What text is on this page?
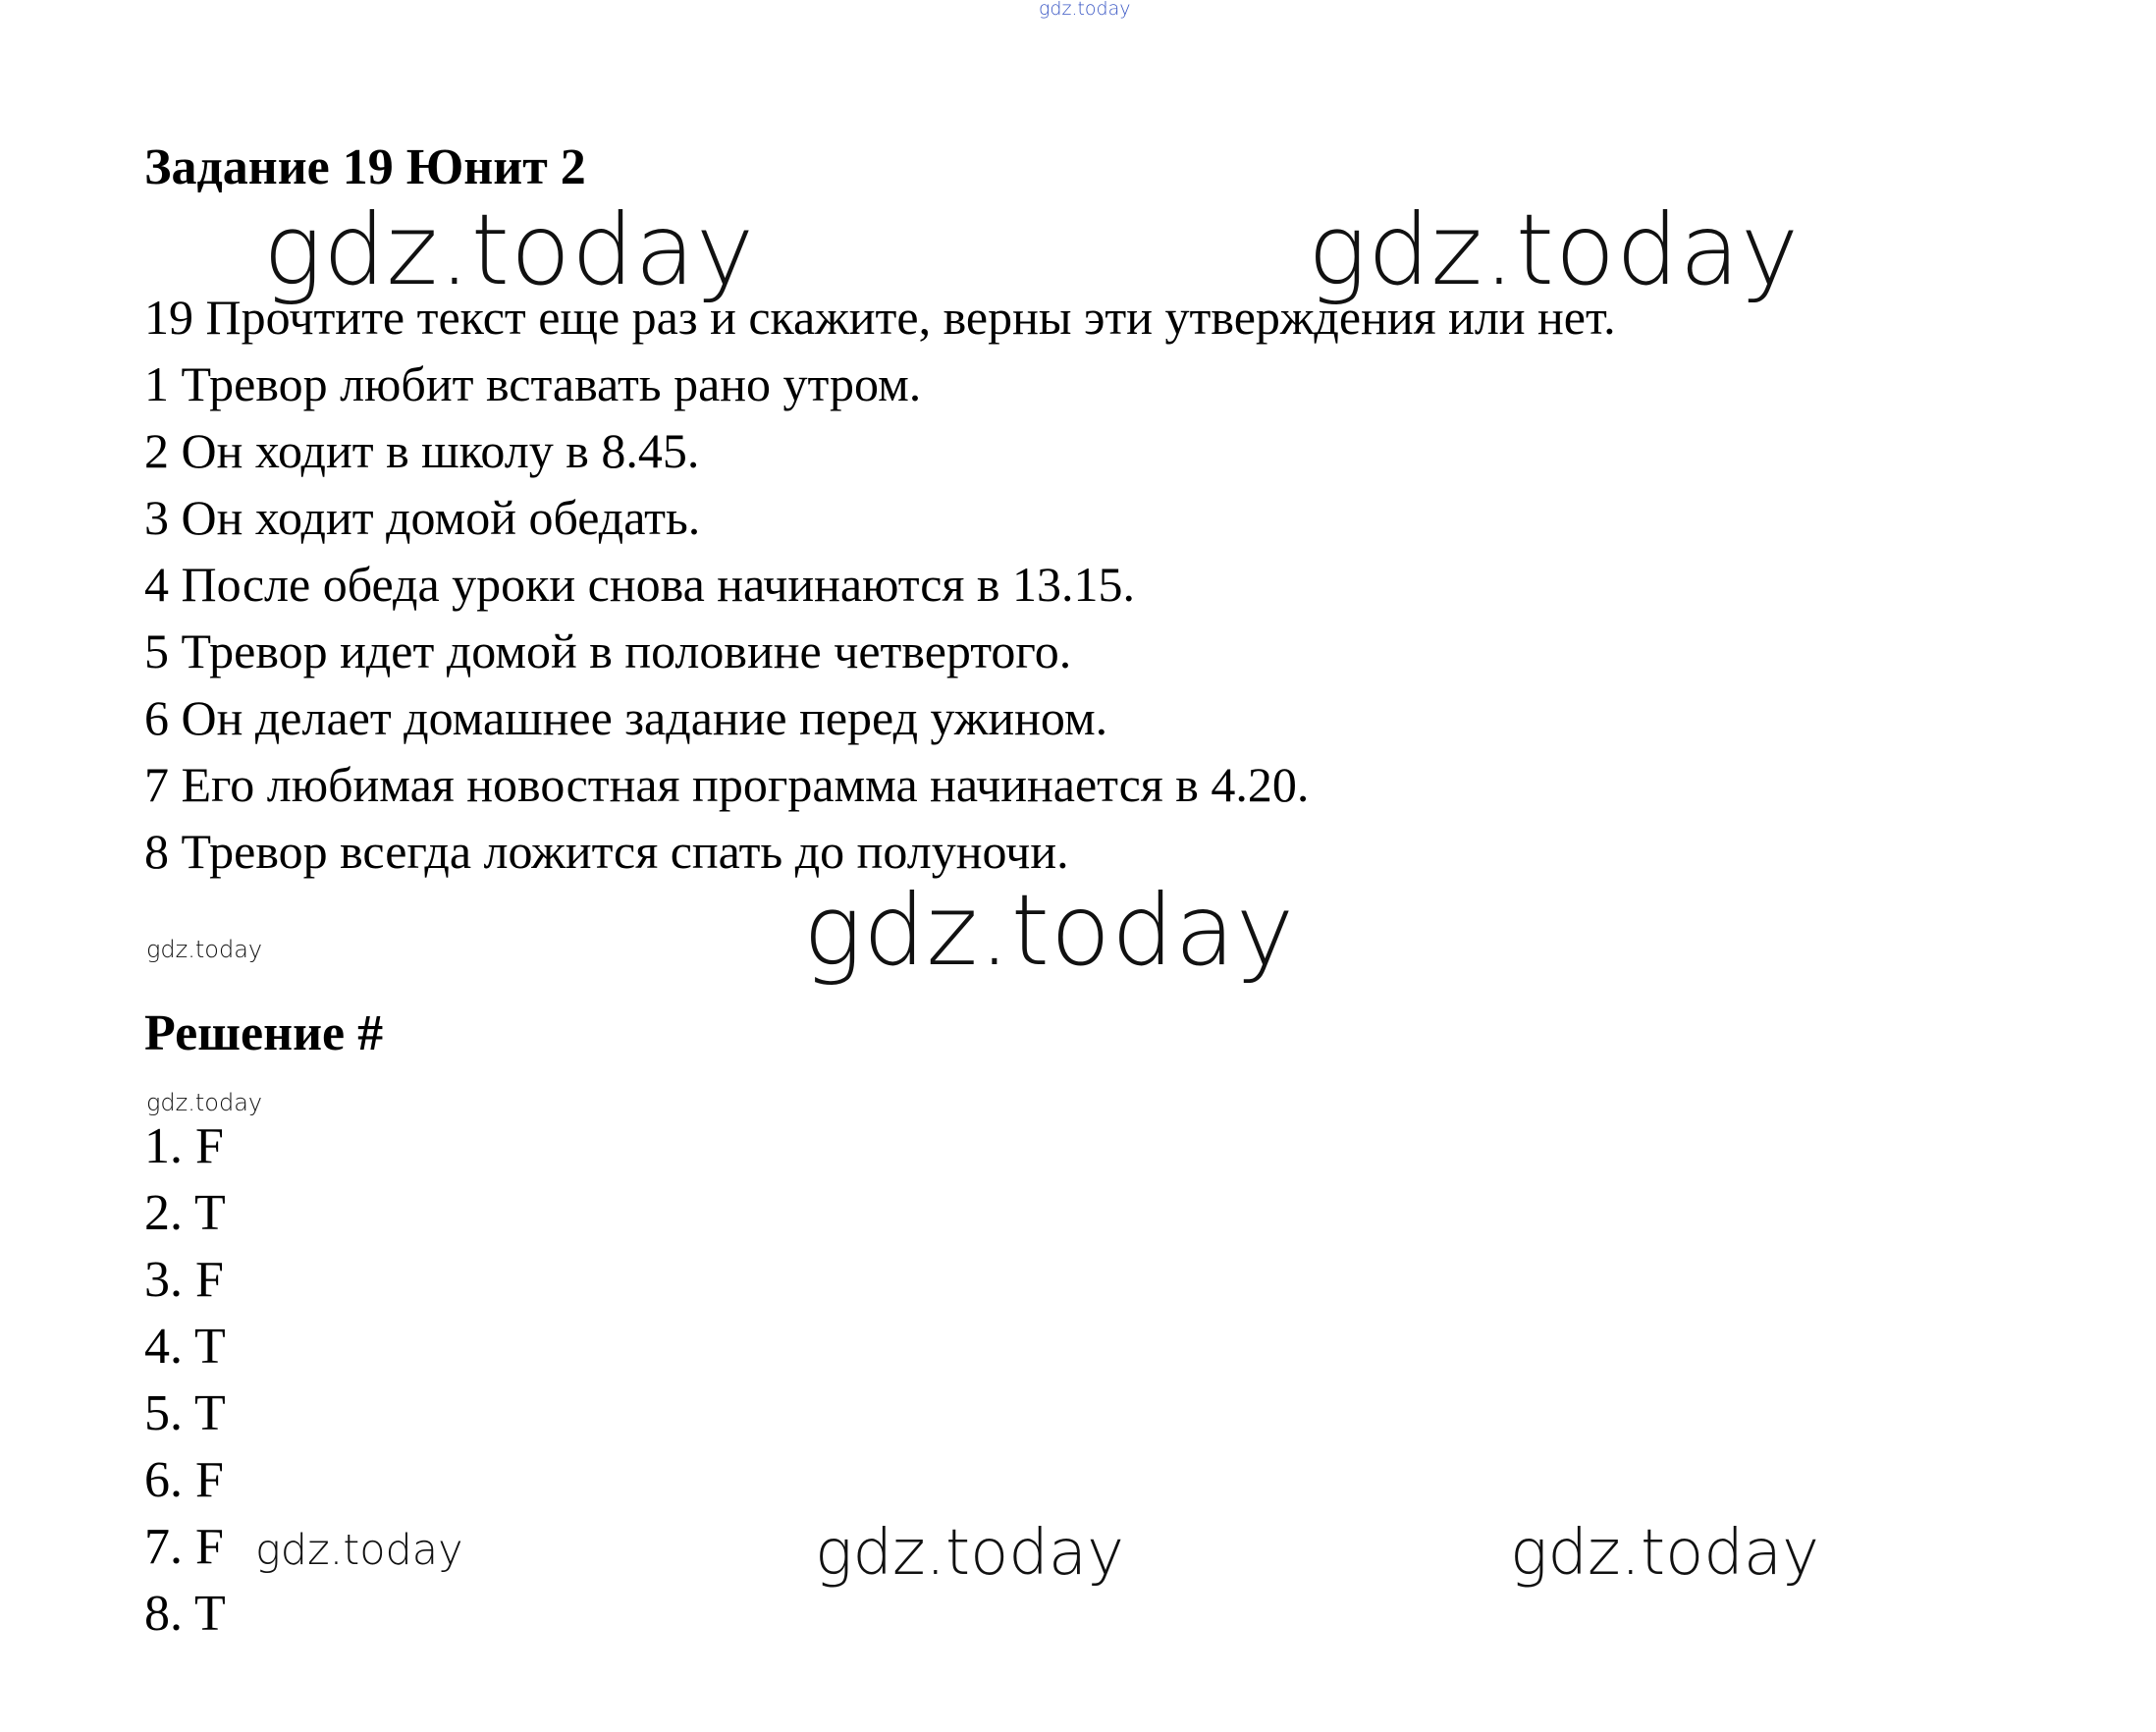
gdz.today
gdz.today	gdz.today
gdz.today
gdz.today
gdz.today
gdz.today	gdz.today	gdz.today
Задание 19 Юнит 2
19 Прочтите текст еще раз и скажите, верны эти утверждения или нет.
1 Тревор любит вставать рано утром.
2 Он ходит в школу в 8.45.
3 Он ходит домой обедать.
4 После обеда уроки снова начинаются в 13.15.
5 Тревор идет домой в половине четвертого.
6 Он делает домашнее задание перед ужином.
7 Его любимая новостная программа начинается в 4.20.
8 Тревор всегда ложится спать до полуночи.
Решение #
1. F
2. T
3. F
4. T
5. T
6. F
7. F
8. T
